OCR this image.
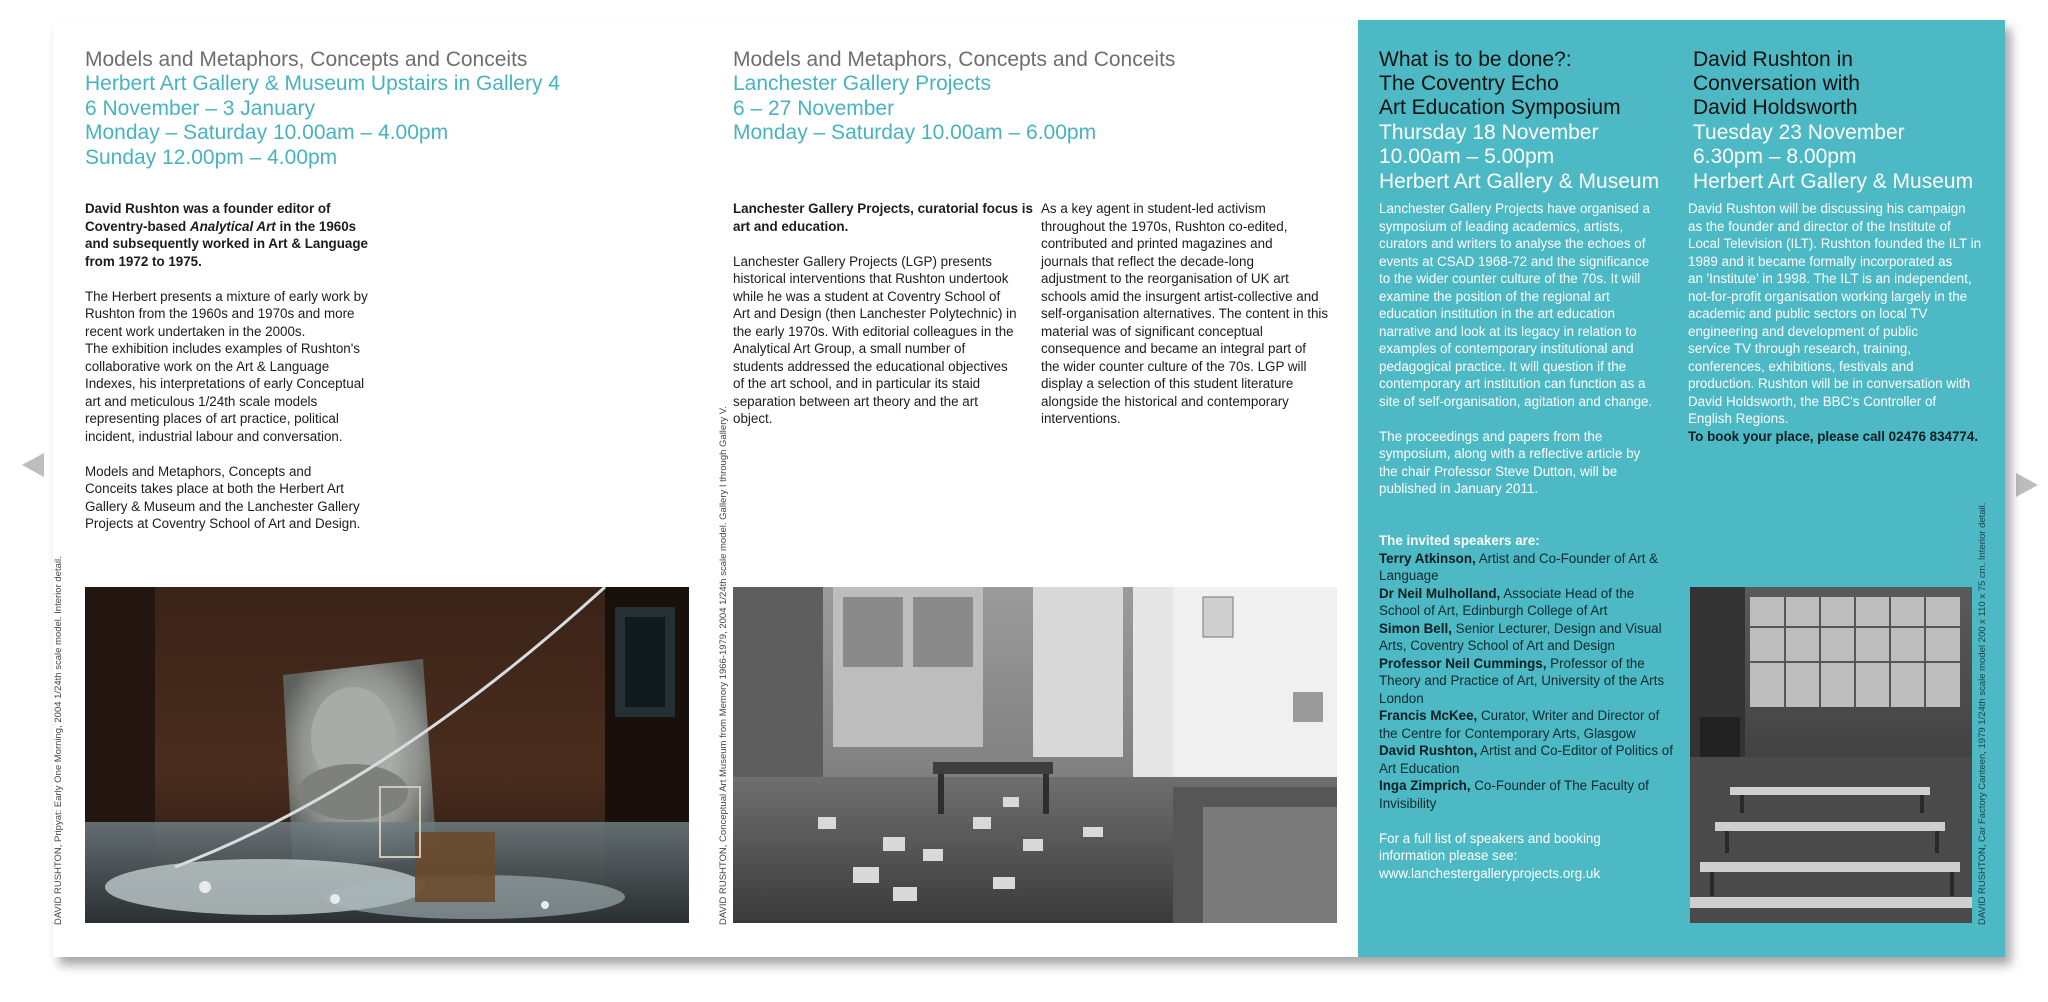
Models and Metaphors, Concepts and Conceits
Herbert Art Gallery & Museum Upstairs in Gallery 4
6 November – 3 January
Monday – Saturday 10.00am – 4.00pm
Sunday 12.00pm – 4.00pm

David Rushton was a founder editor of

Coventry-based Analytical Art in the 1960s

and subsequently worked in Art & Language

from 1972 to 1975.

The Herbert presents a mixture of early work by

Rushton from the 1960s and 1970s and more

recent work undertaken in the 2000s.

The exhibition includes examples of Rushton's

collaborative work on the Art & Language

Indexes, his interpretations of early Conceptual

art and meticulous 1/24th scale models

representing places of art practice, political

incident, industrial labour and conversation.

Models and Metaphors, Concepts and

Conceits takes place at both the Herbert Art

Gallery & Museum and the Lanchester Gallery

Projects at Coventry School of Art and Design.

DAVID RUSHTON, Pripyat: Early One Morning, 2004 1/24th scale model. Interior detail.
Models and Metaphors, Concepts and Conceits
Lanchester Gallery Projects
6 – 27 November
Monday – Saturday 10.00am – 6.00pm

Lanchester Gallery Projects, curatorial focus is

art and education.

Lanchester Gallery Projects (LGP) presents

historical interventions that Rushton undertook

while he was a student at Coventry School of

Art and Design (then Lanchester Polytechnic) in

the early 1970s. With editorial colleagues in the

Analytical Art Group, a small number of

students addressed the educational objectives

of the art school, and in particular its staid

separation between art theory and the art

object.

As a key agent in student-led activism

throughout the 1970s, Rushton co-edited,

contributed and printed magazines and

journals that reflect the decade-long

adjustment to the reorganisation of UK art

schools amid the insurgent artist-collective and

self-organisation alternatives. The content in this

material was of significant conceptual

consequence and became an integral part of

the wider counter culture of the 70s. LGP will

display a selection of this student literature

alongside the historical and contemporary

interventions.

DAVID RUSHTON, Conceptual Art Museum from Memory 1966-1979, 2004 1/24th scale model. Gallery I through Gallery V.
What is to be done?:
The Coventry Echo
Art Education Symposium
Thursday 18 November
10.00am – 5.00pm
Herbert Art Gallery & Museum

Lanchester Gallery Projects have organised a

symposium of leading academics, artists,

curators and writers to analyse the echoes of

events at CSAD 1968-72 and the significance

to the wider counter culture of the 70s. It will

examine the position of the regional art

education institution in the art education

narrative and look at its legacy in relation to

examples of contemporary institutional and

pedagogical practice. It will question if the

contemporary art institution can function as a

site of self-organisation, agitation and change.

The proceedings and papers from the

symposium, along with a reflective article by

the chair Professor Steve Dutton, will be

published in January 2011.

The invited speakers are:

Terry Atkinson, Artist and Co-Founder of Art &

Language

Dr Neil Mulholland, Associate Head of the

School of Art, Edinburgh College of Art

Simon Bell, Senior Lecturer, Design and Visual

Arts, Coventry School of Art and Design

Professor Neil Cummings, Professor of the

Theory and Practice of Art, University of the Arts

London

Francis McKee, Curator, Writer and Director of

the Centre for Contemporary Arts, Glasgow

David Rushton, Artist and Co-Editor of Politics of

Art Education

Inga Zimprich, Co-Founder of The Faculty of

Invisibility

For a full list of speakers and booking

information please see:

www.lanchestergalleryprojects.org.uk

David Rushton in
Conversation with
David Holdsworth
Tuesday 23 November
6.30pm – 8.00pm
Herbert Art Gallery & Museum

David Rushton will be discussing his campaign

as the founder and director of the Institute of

Local Television (ILT). Rushton founded the ILT in

1989 and it became formally incorporated as

an 'Institute' in 1998. The ILT is an independent,

not-for-profit organisation working largely in the

academic and public sectors on local TV

engineering and development of public

service TV through research, training,

conferences, exhibitions, festivals and

production. Rushton will be in conversation with

David Holdsworth, the BBC's Controller of

English Regions.

To book your place, please call 02476 834774.

DAVID RUSHTON, Car Factory Canteen, 1979 1/24th scale model 200 x 110 x 75 cm. Interior detail.
